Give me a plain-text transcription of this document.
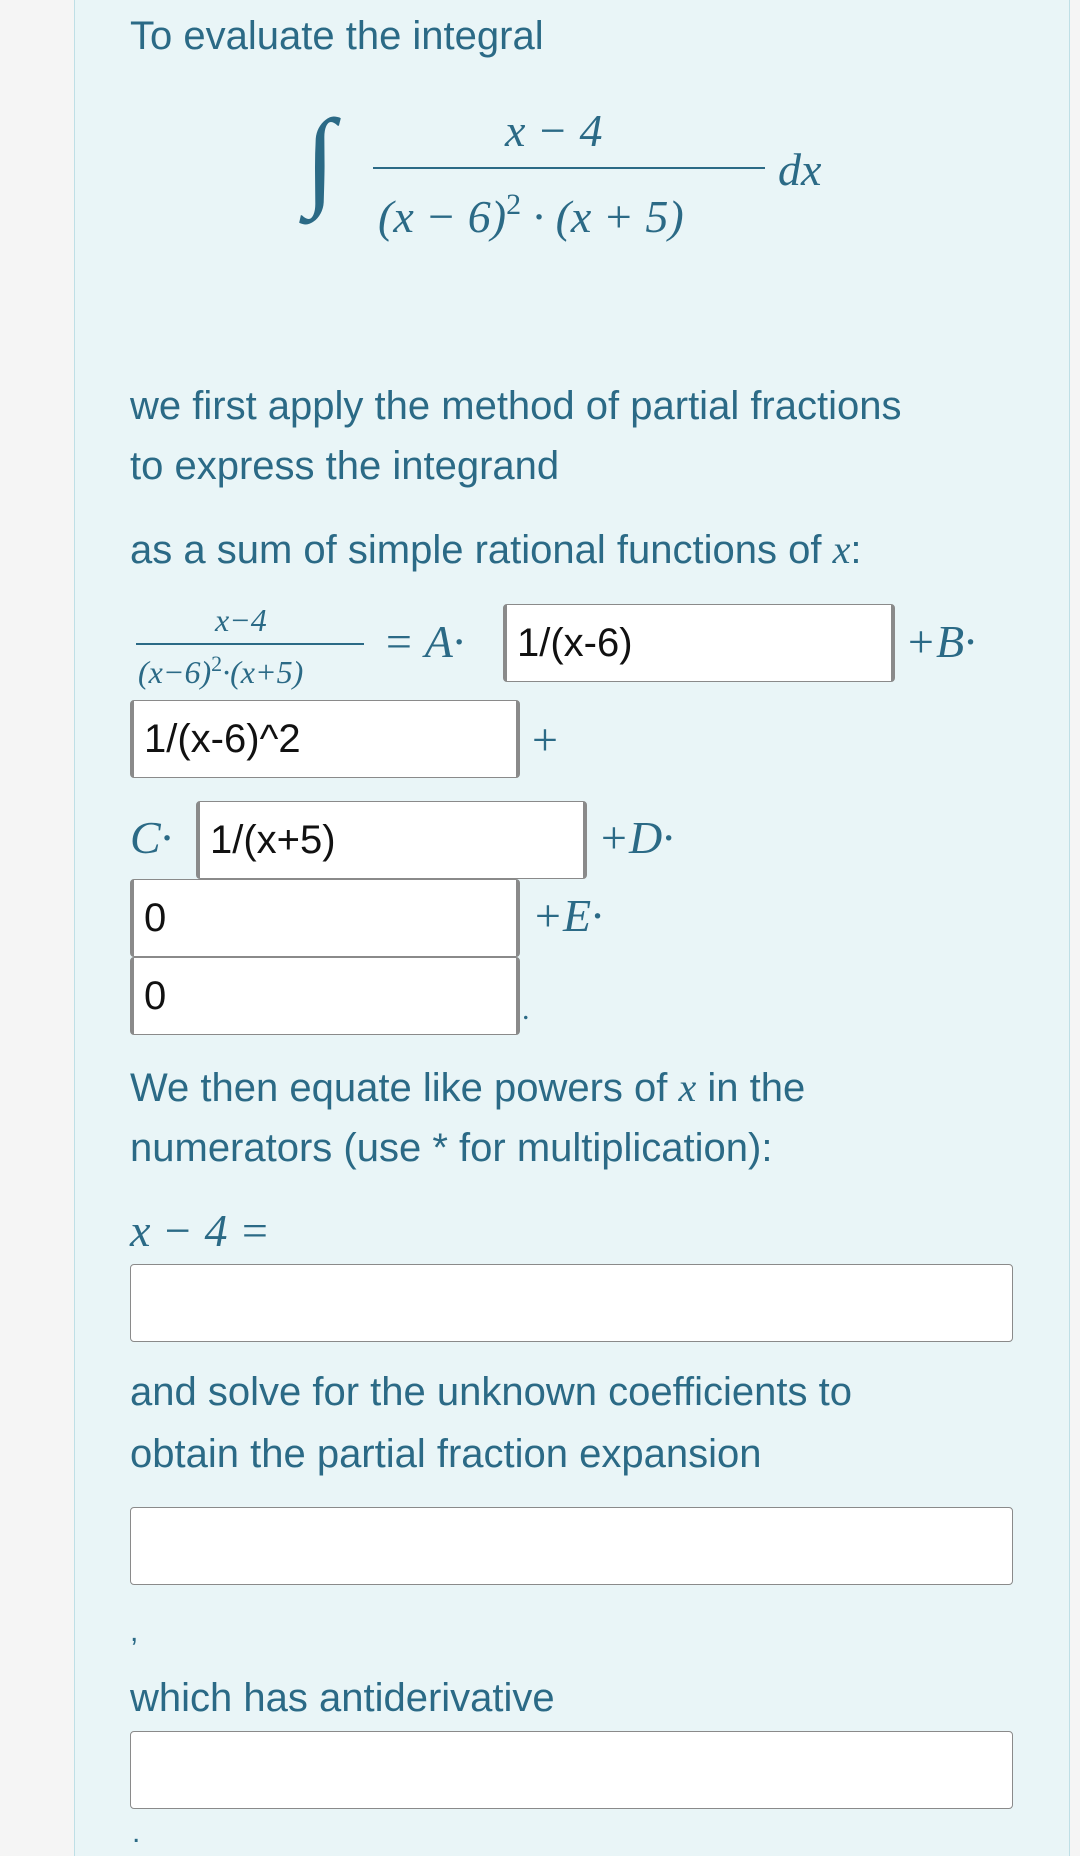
To evaluate the integral
∫	x − 4
$(x - 6)^2 \cdot (x + 5)$
dx
we first apply the method of partial fractions
to express the integrand
as a sum of simple rational functions of x:
x−4
$(x-6)^2\cdot(x+5)$
= A·
1/(x-6)	+B·
1/(x-6)^2
+
C·
1/(x+5)	+D·
0
+E·
0
.
We then equate like powers of x in the
numerators (use * for multiplication):
x − 4 =
and solve for the unknown coefficients to
obtain the partial fraction expansion
,
which has antiderivative
.
